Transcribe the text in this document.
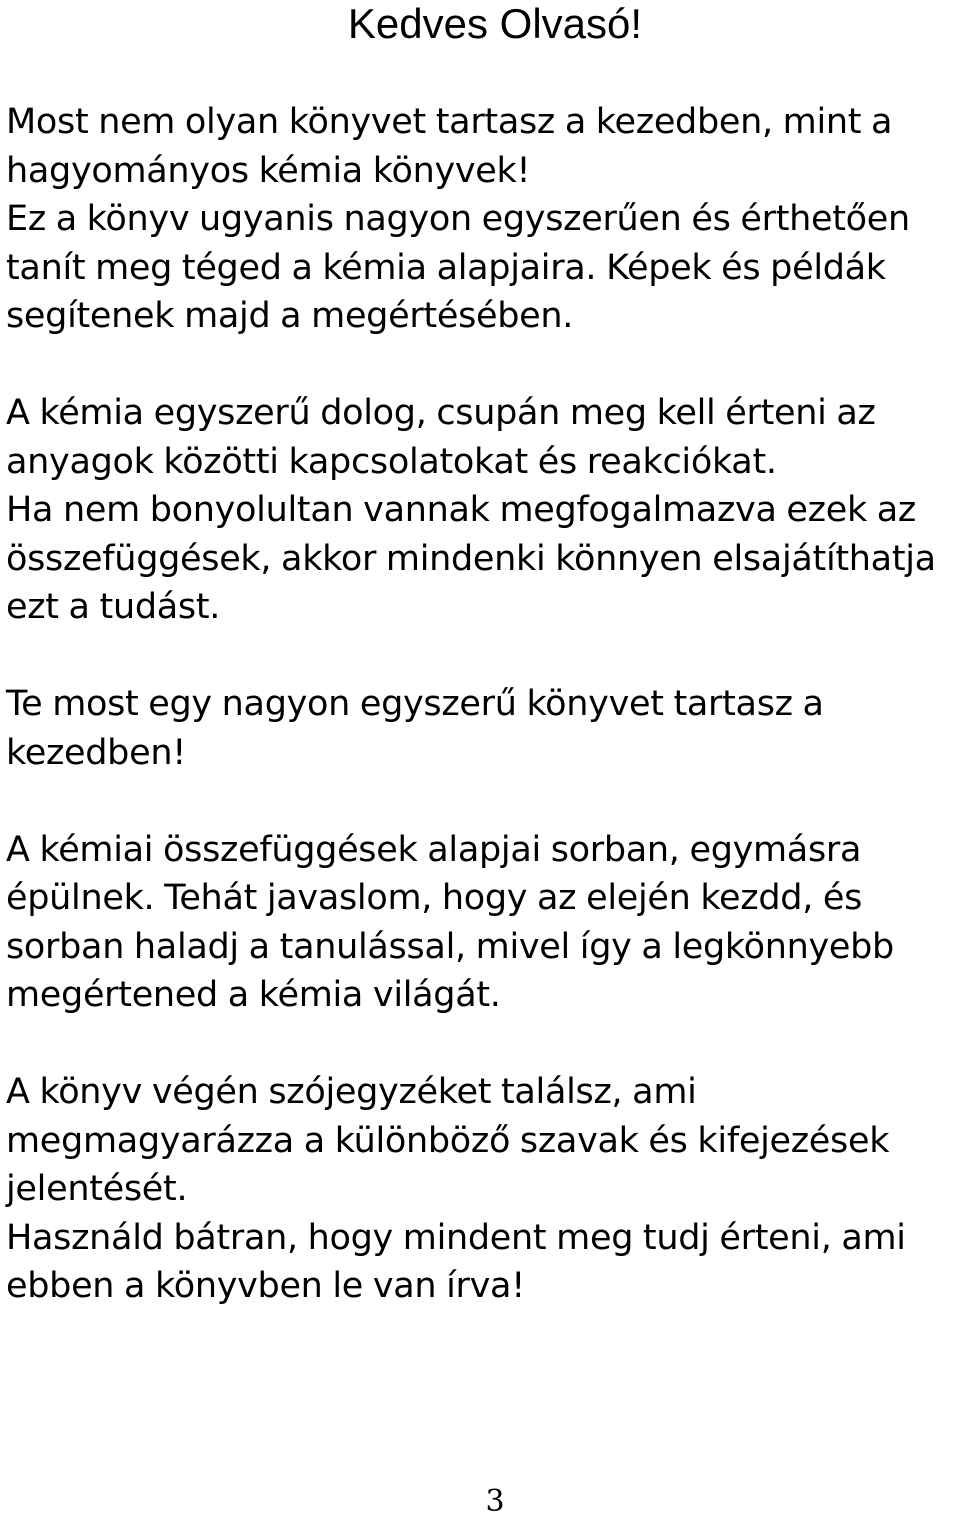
Kedves Olvasó!

Most nem olyan könyvet tartasz a kezedben, mint a
hagyományos kémia könyvek!
Ez a könyv ugyanis nagyon egyszerűen és érthetően
tanít meg téged a kémia alapjaira. Képek és példák
segítenek majd a megértésében.

A kémia egyszerű dolog, csupán meg kell érteni az
anyagok közötti kapcsolatokat és reakciókat.
Ha nem bonyolultan vannak megfogalmazva ezek az
összefüggések, akkor mindenki könnyen elsajátíthatja
ezt a tudást.

Te most egy nagyon egyszerű könyvet tartasz a
kezedben!

A kémiai összefüggések alapjai sorban, egymásra
épülnek. Tehát javaslom, hogy az elején kezdd, és
sorban haladj a tanulással, mivel így a legkönnyebb
megértened a kémia világát.

A könyv végén szójegyzéket találsz, ami
megmagyarázza a különböző szavak és kifejezések
jelentését.
Használd bátran, hogy mindent meg tudj érteni, ami
ebben a könyvben le van írva!

3
